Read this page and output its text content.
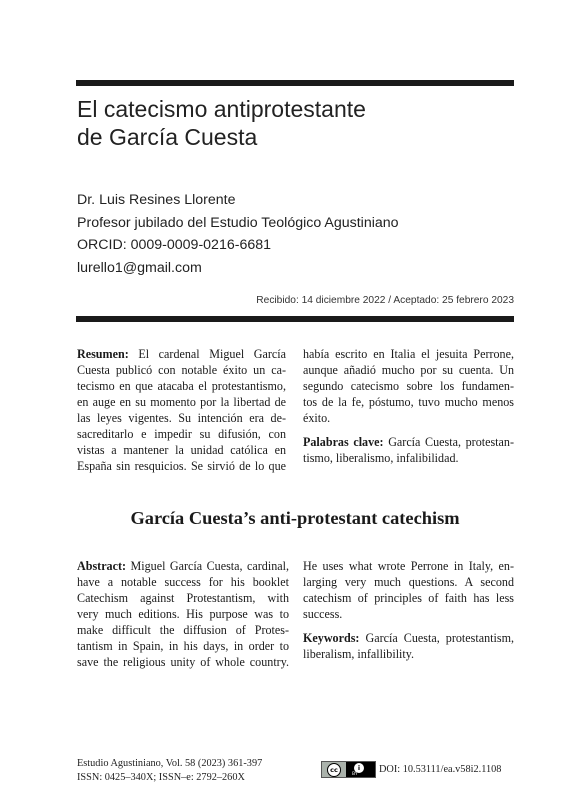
El catecismo antiprotestante
de García Cuesta
Dr. Luis Resines Llorente
Profesor jubilado del Estudio Teológico Agustiniano
ORCID: 0009-0009-0216-6681
lurello1@gmail.com
Recibido: 14 diciembre 2022 / Aceptado: 25 febrero 2023

Resumen: El cardenal Miguel García
Cuesta publicó con notable éxito un ca-
tecismo en que atacaba el protestantismo,
en auge en su momento por la libertad de
las leyes vigentes. Su intención era de-
sacreditarlo e impedir su difusión, con
vistas a mantener la unidad católica en
España sin resquicios. Se sirvió de lo que

había escrito en Italia el jesuita Perrone,
aunque añadió mucho por su cuenta. Un
segundo catecismo sobre los fundamen-
tos de la fe, póstumo, tuvo mucho menos
éxito.

Palabras clave: García Cuesta, protestan-
tismo, liberalismo, infalibilidad.

García Cuesta’s anti-protestant catechism

Abstract: Miguel García Cuesta, cardinal,
have a notable success for his booklet
Catechism against Protestantism, with
very much editions. His purpose was to
make difficult the diffusion of Protes-
tantism in Spain, in his days, in order to
save the religious unity of whole country.

He uses what wrote Perrone in Italy, en-
larging very much questions. A second
catechism of principles of faith has less
success.

Keywords: García Cuesta, protestantism,
liberalism, infallibility.

Estudio Agustiniano, Vol. 58 (2023) 361-397
ISSN: 0425–340X; ISSN–e: 2792–260X
cc	i
BY DOI: 10.53111/ea.v58i2.1108
